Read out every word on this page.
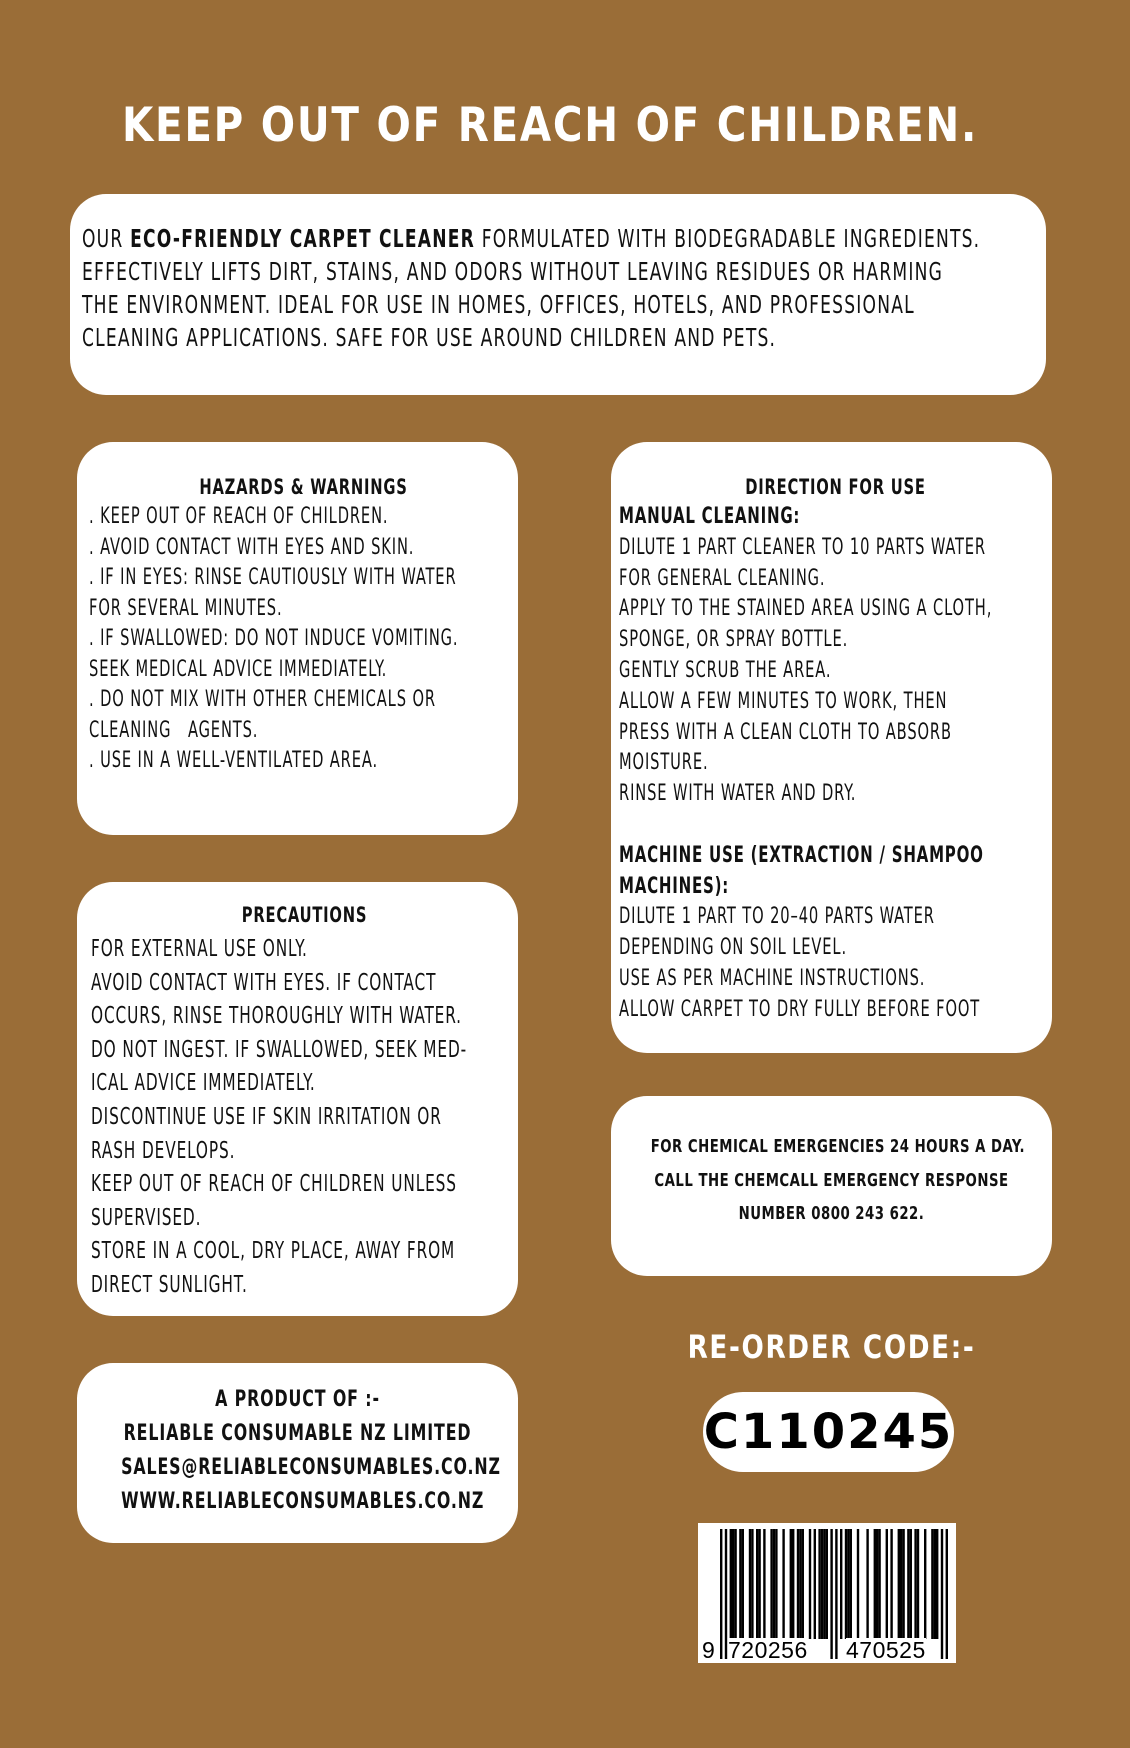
KEEP OUT OF REACH OF CHILDREN.
OUR ECO-FRIENDLY CARPET CLEANER FORMULATED WITH BIODEGRADABLE INGREDIENTS.
EFFECTIVELY LIFTS DIRT, STAINS, AND ODORS WITHOUT LEAVING RESIDUES OR HARMING
THE ENVIRONMENT. IDEAL FOR USE IN HOMES, OFFICES, HOTELS, AND PROFESSIONAL
CLEANING APPLICATIONS. SAFE FOR USE AROUND CHILDREN AND PETS.
HAZARDS & WARNINGS
. KEEP OUT OF REACH OF CHILDREN.
. AVOID CONTACT WITH EYES AND SKIN.
. IF IN EYES: RINSE CAUTIOUSLY WITH WATER
FOR SEVERAL MINUTES.
. IF SWALLOWED: DO NOT INDUCE VOMITING.
SEEK MEDICAL ADVICE IMMEDIATELY.
. DO NOT MIX WITH OTHER CHEMICALS OR
CLEANING   AGENTS.
. USE IN A WELL-VENTILATED AREA.
DIRECTION FOR USE
MANUAL CLEANING:
DILUTE 1 PART CLEANER TO 10 PARTS WATER
FOR GENERAL CLEANING.
APPLY TO THE STAINED AREA USING A CLOTH,
SPONGE, OR SPRAY BOTTLE.
GENTLY SCRUB THE AREA.
ALLOW A FEW MINUTES TO WORK, THEN
PRESS WITH A CLEAN CLOTH TO ABSORB
MOISTURE.
RINSE WITH WATER AND DRY.
MACHINE USE (EXTRACTION / SHAMPOO
MACHINES):
DILUTE 1 PART TO 20–40 PARTS WATER
DEPENDING ON SOIL LEVEL.
USE AS PER MACHINE INSTRUCTIONS.
ALLOW CARPET TO DRY FULLY BEFORE FOOT
PRECAUTIONS
FOR EXTERNAL USE ONLY.
AVOID CONTACT WITH EYES. IF CONTACT
OCCURS, RINSE THOROUGHLY WITH WATER.
DO NOT INGEST. IF SWALLOWED, SEEK MED-
ICAL ADVICE IMMEDIATELY.
DISCONTINUE USE IF SKIN IRRITATION OR
RASH DEVELOPS.
KEEP OUT OF REACH OF CHILDREN UNLESS
SUPERVISED.
STORE IN A COOL, DRY PLACE, AWAY FROM
DIRECT SUNLIGHT.
FOR CHEMICAL EMERGENCIES 24 HOURS A DAY.
CALL THE CHEMCALL EMERGENCY RESPONSE
NUMBER 0800 243 622.
A PRODUCT OF :-
RELIABLE CONSUMABLE NZ LIMITED
SALES@RELIABLECONSUMABLES.CO.NZ
WWW.RELIABLECONSUMABLES.CO.NZ
RE-ORDER CODE:-
C110245
9 720256 470525
